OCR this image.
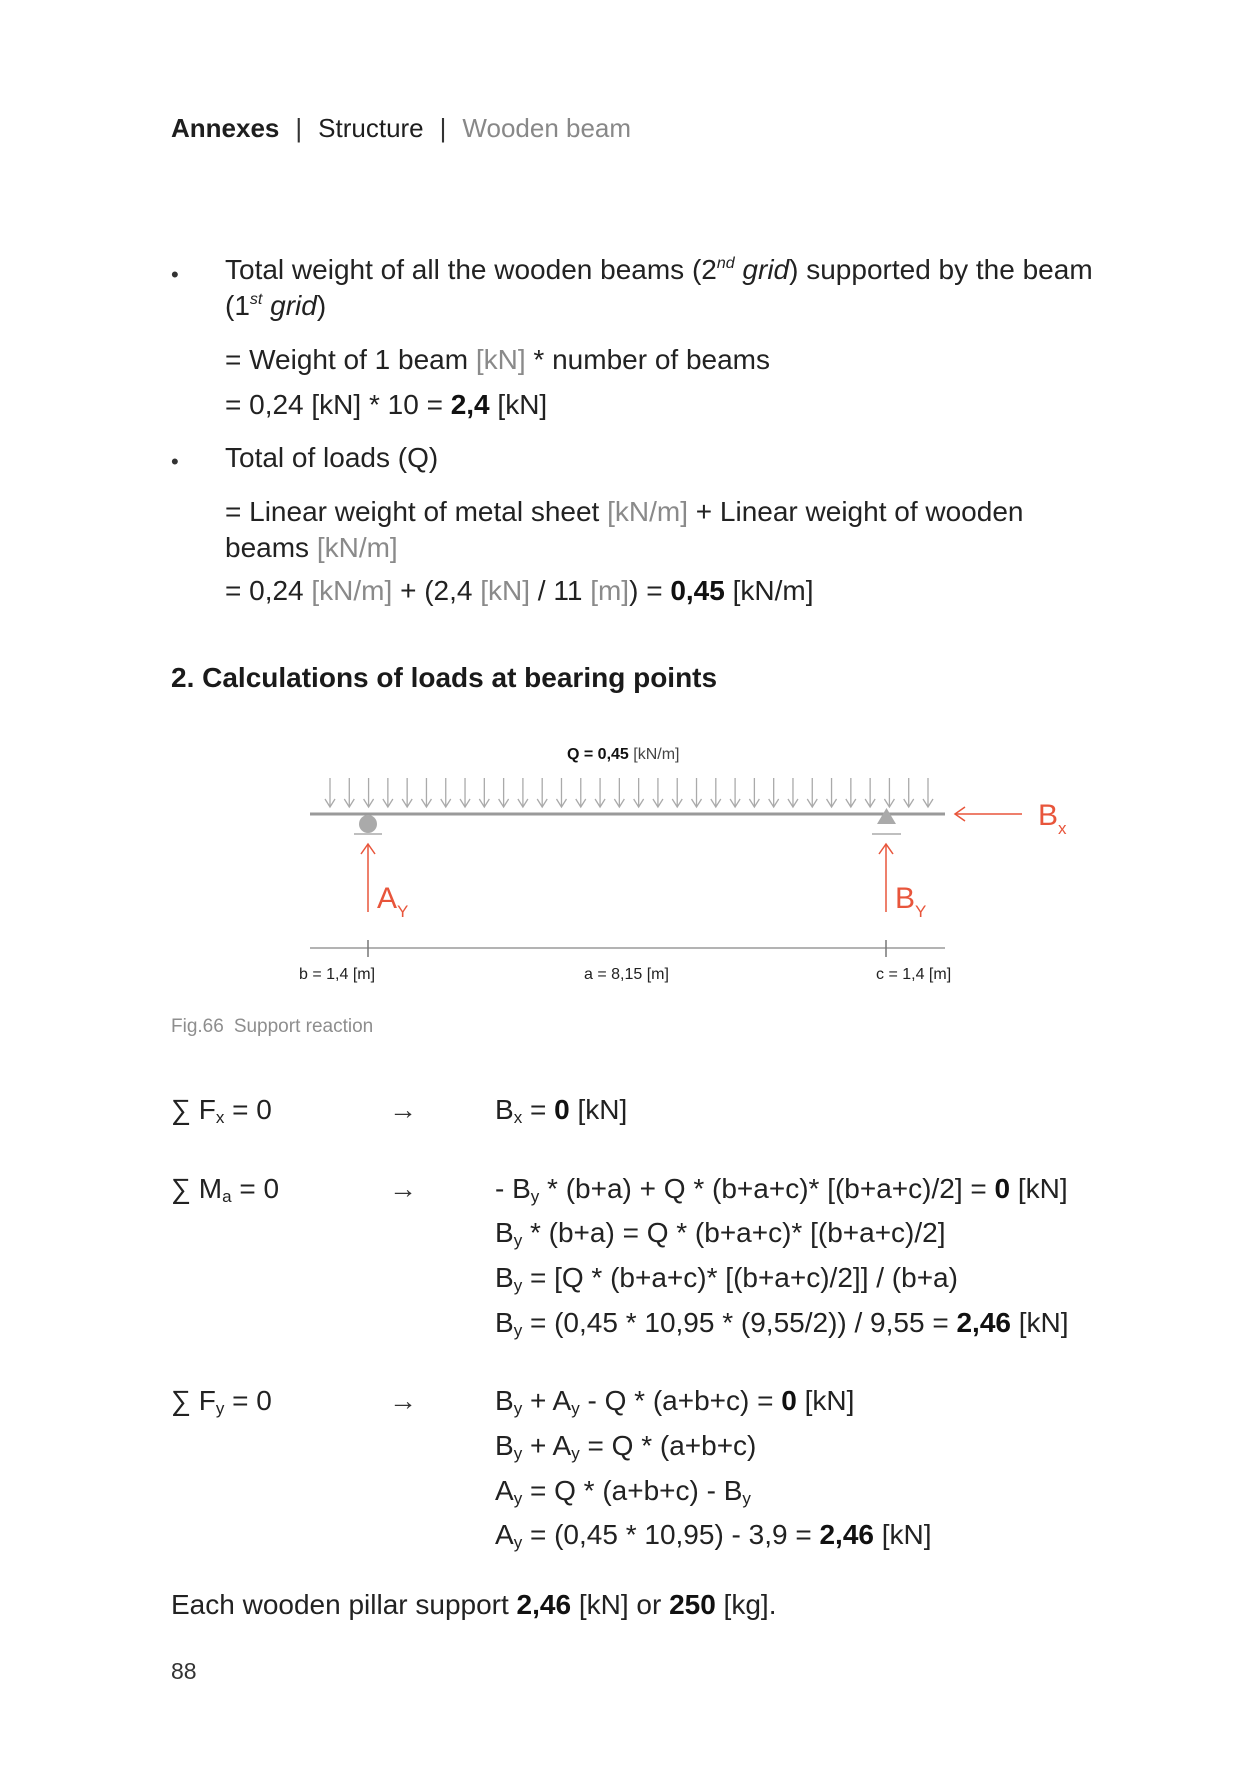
Annexes | Structure | Wooden beam
• Total weight of all the wooden beams (2nd grid) supported by the beam
(1st grid)
= Weight of 1 beam [kN] * number of beams
= 0,24 [kN] * 10 = 2,4 [kN]
• Total of loads (Q)
= Linear weight of metal sheet [kN/m] + Linear weight of wooden
beams [kN/m]
= 0,24 [kN/m] + (2,4 [kN] / 11 [m]) = 0,45 [kN/m]
2. Calculations of loads at bearing points
Q = 0,45 [kN/m]
$A_Y$	$B_Y$
$B_x$
b = 1,4 [m]	a = 8,15 [m]	c = 1,4 [m]
Fig.66 Support reaction
∑ $F_x = 0$	→	$B_x = 0$ [kN]
∑ $M_a = 0$	→	- $B_y * (b+a) + Q * (b+a+c)*$ [(b+a+c)/2] = 0 [kN]
$B_y * (b+a) = Q * (b+a+c)*$ [(b+a+c)/2]
$B_y = [Q * (b+a+c)*$ [(b+a+c)/2]] / (b+a)
$B_y = (0,45 * 10,95 * (9,55/2)) / 9,55 = 2,46$ [kN]
∑ $F_y = 0$	→	$B_y + A_y - Q * (a+b+c) = 0$ [kN]
$B_y + A_y = Q * (a+b+c)$
$A_y = Q * (a+b+c) - B_y$
$A_y = (0,45 * 10,95) - 3,9 = 2,46$ [kN]
Each wooden pillar support 2,46 [kN] or 250 [kg].
88
